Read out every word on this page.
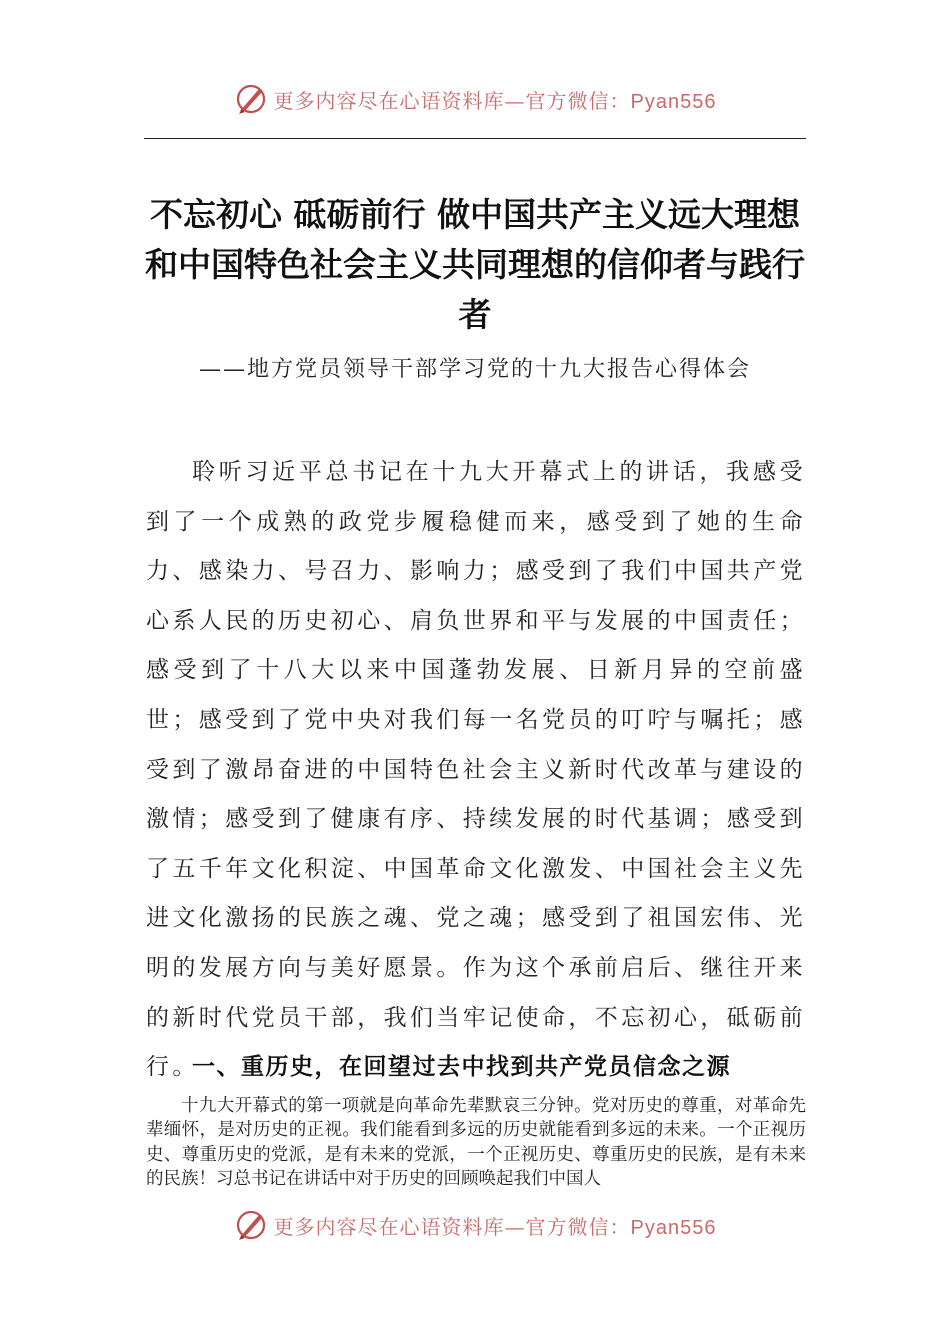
更多内容尽在心语资料库—官方微信：Pyan556
不忘初心 砥砺前行 做中国共产主义远大理想和中国特色社会主义共同理想的信仰者与践行者
——地方党员领导干部学习党的十九大报告心得体会

聆听习近平总书记在十九大开幕式上的讲话，我感受到了一个成熟的政党步履稳健而来，感受到了她的生命力、感染力、号召力、影响力；感受到了我们中国共产党心系人民的历史初心、肩负世界和平与发展的中国责任；感受到了十八大以来中国蓬勃发展、日新月异的空前盛世；感受到了党中央对我们每一名党员的叮咛与嘱托；感受到了激昂奋进的中国特色社会主义新时代改革与建设的激情；感受到了健康有序、持续发展的时代基调；感受到了五千年文化积淀、中国革命文化激发、中国社会主义先进文化激扬的民族之魂、党之魂；感受到了祖国宏伟、光明的发展方向与美好愿景。作为这个承前启后、继往开来的新时代党员干部，我们当牢记使命，不忘初心，砥砺前行。

一、重历史，在回望过去中找到共产党员信念之源

十九大开幕式的第一项就是向革命先辈默哀三分钟。党对历史的尊重，对革命先辈缅怀，是对历史的正视。我们能看到多远的历史就能看到多远的未来。一个正视历史、尊重历史的党派，是有未来的党派，一个正视历史、尊重历史的民族，是有未来的民族！习总书记在讲话中对于历史的回顾唤起我们中国人

更多内容尽在心语资料库—官方微信：Pyan556
